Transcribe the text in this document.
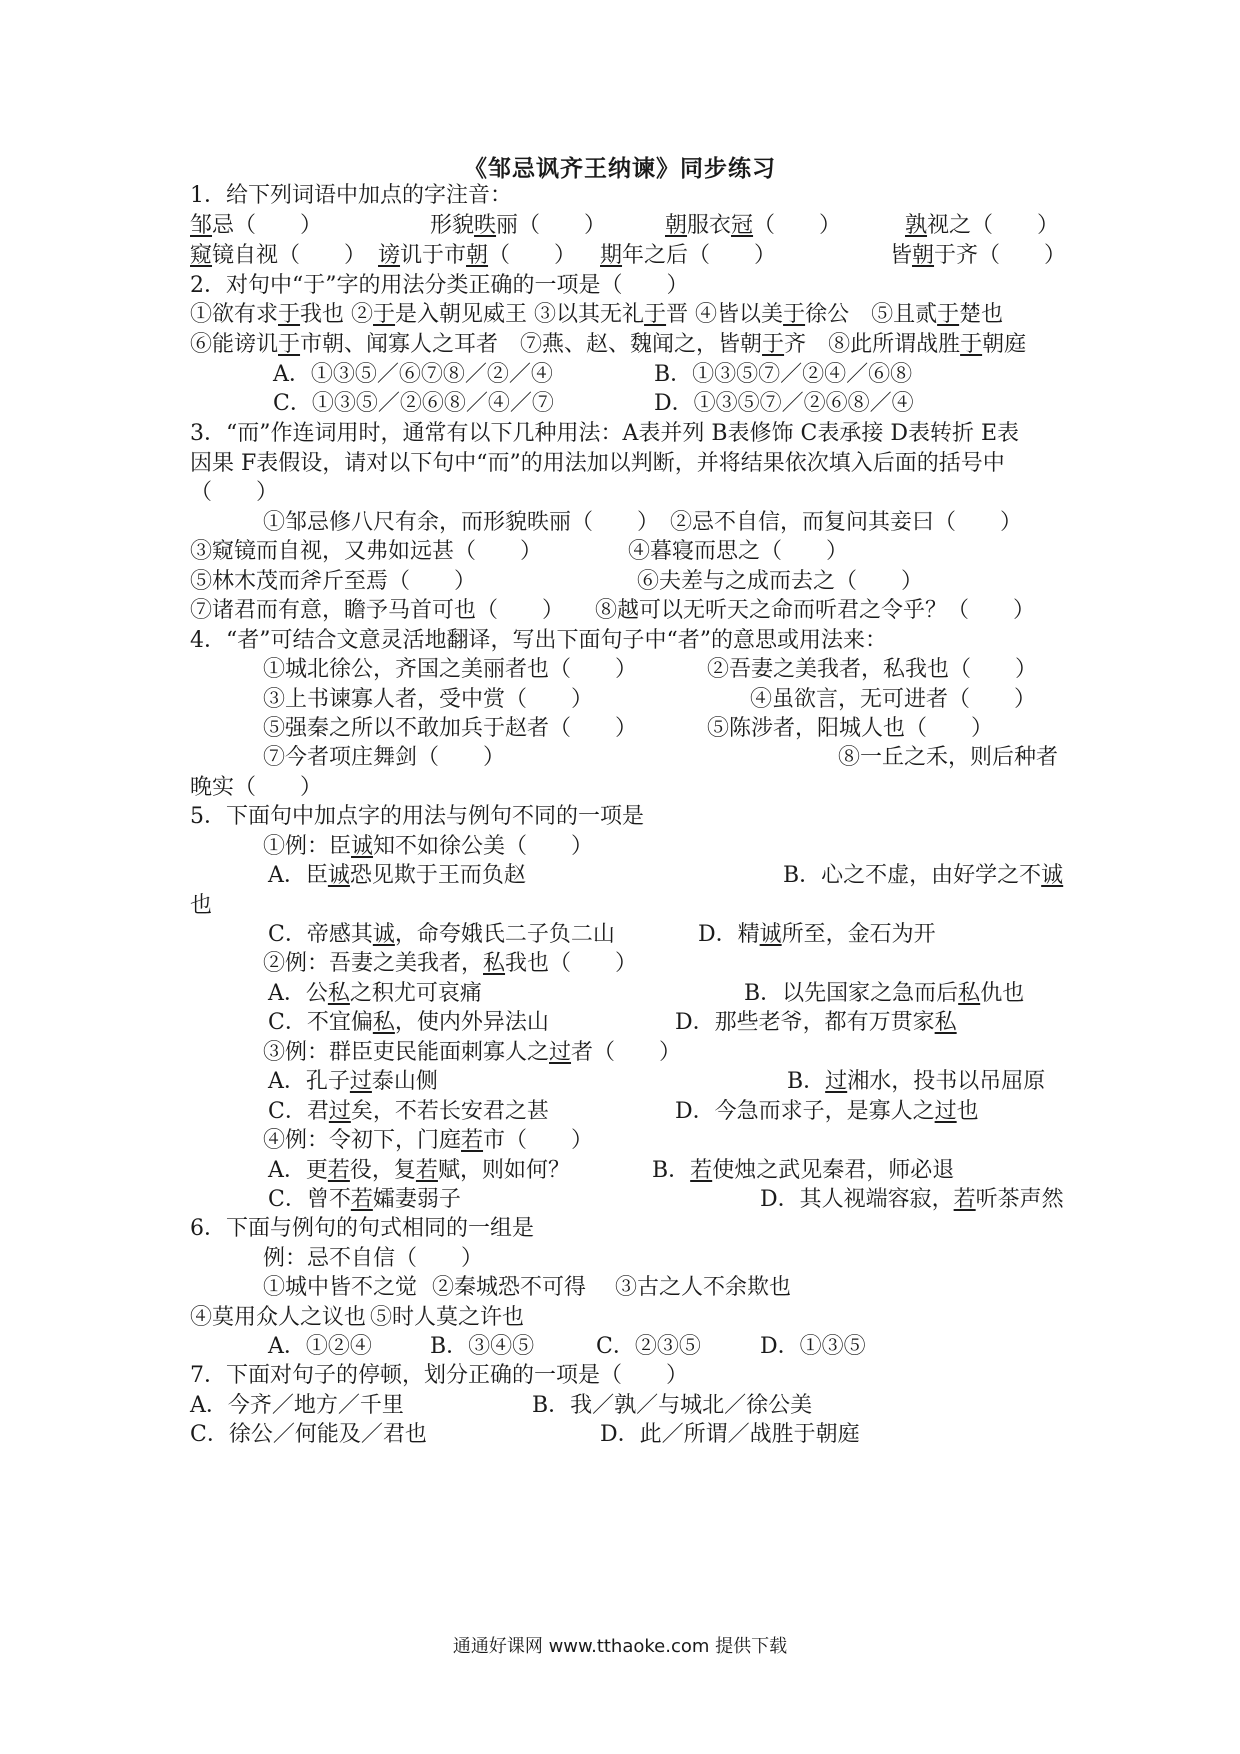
《邹忌讽齐王纳谏》同步练习
1．给下列词语中加点的字注音：
邹忌（　　）	形貌昳丽（　　）	朝服衣冠（　　）	孰视之（　　）
窥镜自视（　　） 谤讥于市朝（　　） 期年之后（　　）	皆朝于齐（　　）
2．对句中“于”字的用法分类正确的一项是（　　）
①欲有求于我也 ②于是入朝见威王 ③以其无礼于晋 ④皆以美于徐公　⑤且贰于楚也
⑥能谤讥于市朝、闻寡人之耳者　⑦燕、赵、魏闻之，皆朝于齐　⑧此所谓战胜于朝庭
A．①③⑤／⑥⑦⑧／②／④	B．①③⑤⑦／②④／⑥⑧
C．①③⑤／②⑥⑧／④／⑦	D．①③⑤⑦／②⑥⑧／④
3．“而”作连词用时，通常有以下几种用法：A表并列 B表修饰 C表承接 D表转折 E表
因果 F表假设，请对以下句中“而”的用法加以判断，并将结果依次填入后面的括号中
（　　）
①邹忌修八尺有余，而形貌昳丽（　　） ②忌不自信，而复问其妾曰（　　）
③窥镜而自视，又弗如远甚（　　）	④暮寝而思之（　　）
⑤林木茂而斧斤至焉（　　）	⑥夫差与之成而去之（　　）
⑦诸君而有意，瞻予马首可也（　　） ⑧越可以无听天之命而听君之令乎？（　　）
4．“者”可结合文意灵活地翻译，写出下面句子中“者”的意思或用法来：
①城北徐公，齐国之美丽者也（　　）	②吾妻之美我者，私我也（　　）
③上书谏寡人者，受中赏（　　）	④虽欲言，无可进者（　　）
⑤强秦之所以不敢加兵于赵者（　　）	⑤陈涉者，阳城人也（　　）
⑦今者项庄舞剑（　　）	⑧一丘之禾，则后种者
晚实（　　）
5．下面句中加点字的用法与例句不同的一项是
①例：臣诚知不如徐公美（　　）
A．臣诚恐见欺于王而负赵	B．心之不虚，由好学之不诚
也
C．帝感其诚，命夸娥氏二子负二山	D．精诚所至，金石为开
②例：吾妻之美我者，私我也（　　）
A．公私之积尤可哀痛	B．以先国家之急而后私仇也
C．不宜偏私，使内外异法山	D．那些老爷，都有万贯家私
③例：群臣吏民能面刺寡人之过者（　　）
A．孔子过泰山侧	B．过湘水，投书以吊屈原
C．君过矣，不若长安君之甚	D．今急而求子，是寡人之过也
④例：令初下，门庭若市（　　）
A．更若役，复若赋，则如何？	B．若使烛之武见秦君，师必退
C．曾不若孀妻弱子	D．其人视端容寂，若听茶声然
6．下面与例句的句式相同的一组是
例：忌不自信（　　）
①城中皆不之觉　
②秦城恐不可得　 ③古之人不余欺也
④莫用众人之议也　
⑤时人莫之许也
A．①②④　 B．③④⑤　 C．②③⑤　 D．①③⑤
7．下面对句子的停顿，划分正确的一项是（　　）
A．今齐／地方／千里	B．我／孰／与城北／徐公美
C．徐公／何能及／君也	D．此／所谓／战胜于朝庭
通通好课网 www.tthaoke.com 提供下载
